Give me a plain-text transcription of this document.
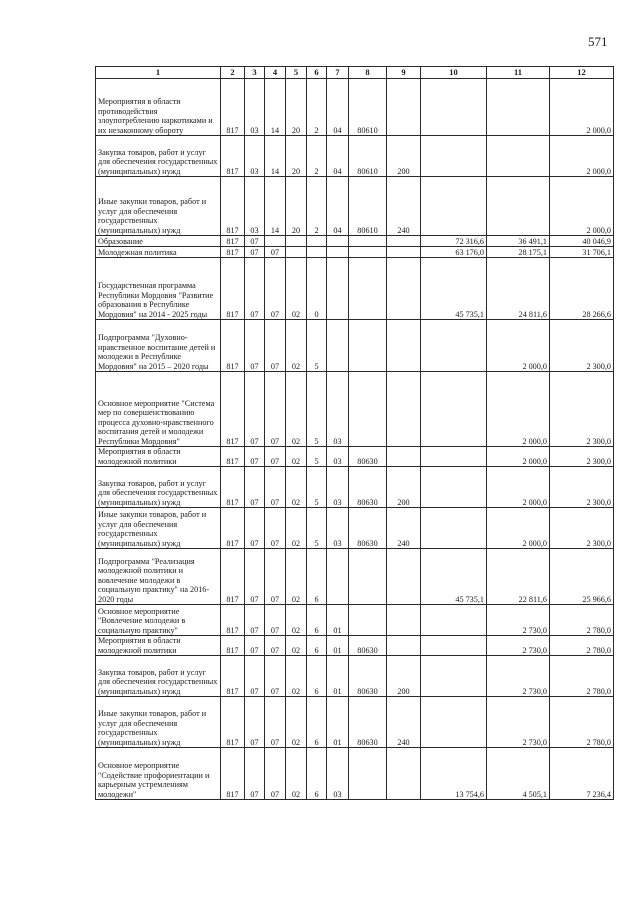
571
1	2	3	4	5	6	7	8	9	10	11	12
Мероприятия в области противодействия злоупотреблению наркотиками и их незаконному обороту	817	03	14	20	2	04	80610				2 000,0
Закупка товаров, работ и услуг для обеспечения государственных (муниципальных) нужд	817	03	14	20	2	04	80610	200			2 000,0
Иные закупки товаров, работ и услуг для обеспечения государственных (муниципальных) нужд	817	03	14	20	2	04	80610	240			2 000,0
Образование	817	07							72 316,6	36 491,1	40 046,9
Молодежная политика	817	07	07						63 176,0	28 175,1	31 706,1
Государственная программа Республики Мордовия "Развитие образования в Республике Мордовия" на 2014 - 2025 годы	817	07	07	02	0				45 735,1	24 811,6	28 266,6
Подпрограмма "Духовно-нравственное воспитание детей и молодежи в Республике Мордовия" на 2015 – 2020 годы	817	07	07	02	5					2 000,0	2 300,0
Основное мероприятие "Система мер по совершенствованию процесса духовно-нравственного воспитания детей и молодежи Республики Мордовия"	817	07	07	02	5	03				2 000,0	2 300,0
Мероприятия в области молодежной политики	817	07	07	02	5	03	80630			2 000,0	2 300,0
Закупка товаров, работ и услуг для обеспечения государственных (муниципальных) нужд	817	07	07	02	5	03	80630	200		2 000,0	2 300,0
Иные закупки товаров, работ и услуг для обеспечения государственных (муниципальных) нужд	817	07	07	02	5	03	80630	240		2 000,0	2 300,0
Подпрограмма "Реализация молодежной политики и вовлечение молодежи в социальную практику" на 2016-2020 годы	817	07	07	02	6				45 735,1	22 811,6	25 966,6
Основное мероприятие "Вовлечение молодежи в социальную практику"	817	07	07	02	6	01				2 730,0	2 780,0
Мероприятия в области молодежной политики	817	07	07	02	6	01	80630			2 730,0	2 780,0
Закупка товаров, работ и услуг для обеспечения государственных (муниципальных) нужд	817	07	07	02	6	01	80630	200		2 730,0	2 780,0
Иные закупки товаров, работ и услуг для обеспечения государственных (муниципальных) нужд	817	07	07	02	6	01	80630	240		2 730,0	2 780,0
Основное мероприятие "Содействие профориентации и карьерным устремлениям молодежи"	817	07	07	02	6	03			13 754,6	4 505,1	7 236,4
